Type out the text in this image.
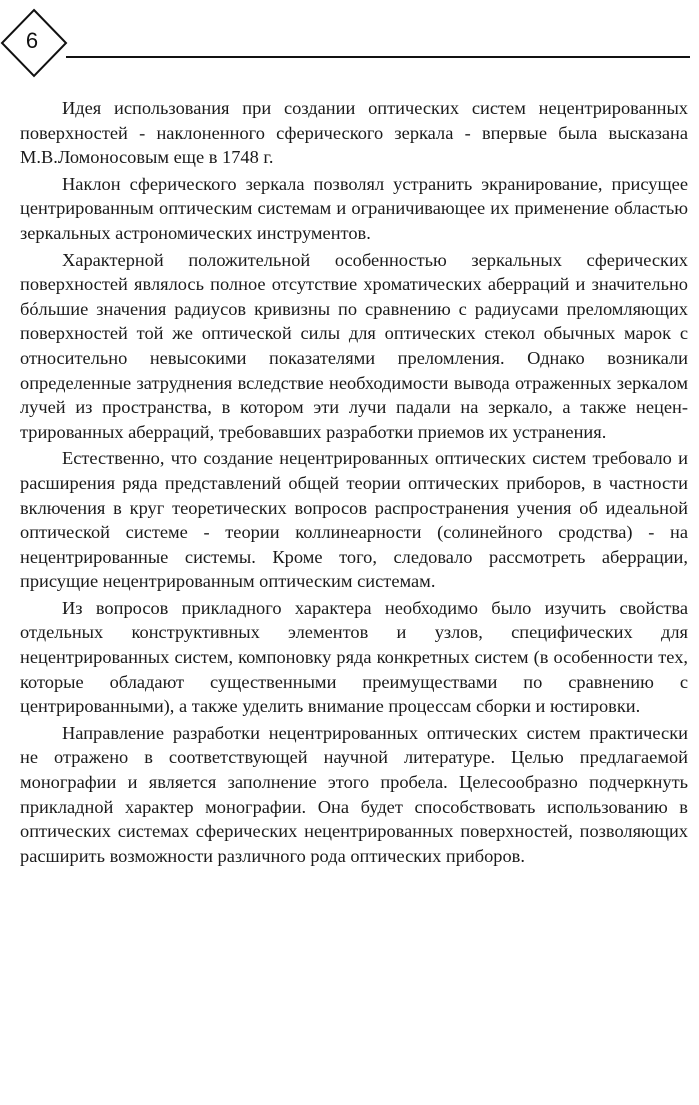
6

Идея использования при создании оптических систем нецентрированных поверхностей - наклоненного сферического зеркала - впервые была высказана М.В.Ломоносовым еще в 1748 г.

Наклон сферического зеркала позволял устранить экранирование, присущее центрированным оптическим системам и ограничивающее их применение областью зеркальных астрономических инструментов.

Характерной положительной особенностью зеркальных сферических поверхностей являлось полное отсутствие хроматических аберраций и значительно бóльшие значения радиусов кривизны по сравнению с радиусами преломляющих поверхностей той же оптической силы для оптических стекол обычных марок с относительно невысокими показателями преломления. Однако возникали определенные затруднения вследствие необходимости вывода отраженных зеркалом лучей из пространства, в котором эти лучи падали на зеркало, а также нецентрированных аберраций, требовавших разработки приемов их устранения.

Естественно, что создание нецентрированных оптических систем требовало и расширения ряда представлений общей теории оптических приборов, в частности включения в круг теоретических вопросов распространения учения об идеальной оптической системе - теории коллинеарности (солинейного сродства) - на нецентрированные системы. Кроме того, следовало рассмотреть аберрации, присущие нецентрированным оптическим системам.

Из вопросов прикладного характера необходимо было изучить свойства отдельных конструктивных элементов и узлов, специфических для нецентрированных систем, компоновку ряда конкретных систем (в особенности тех, которые обладают существенными преимуществами по сравнению с центрированными), а также уделить внимание процессам сборки и юстировки.

Направление разработки нецентрированных оптических систем практически не отражено в соответствующей научной литературе. Целью предлагаемой монографии и является заполнение этого пробела. Целесообразно подчеркнуть прикладной характер монографии. Она будет способствовать использованию в оптических системах сферических нецентрированных поверхностей, позволяющих расширить возможности различного рода оптических приборов.
